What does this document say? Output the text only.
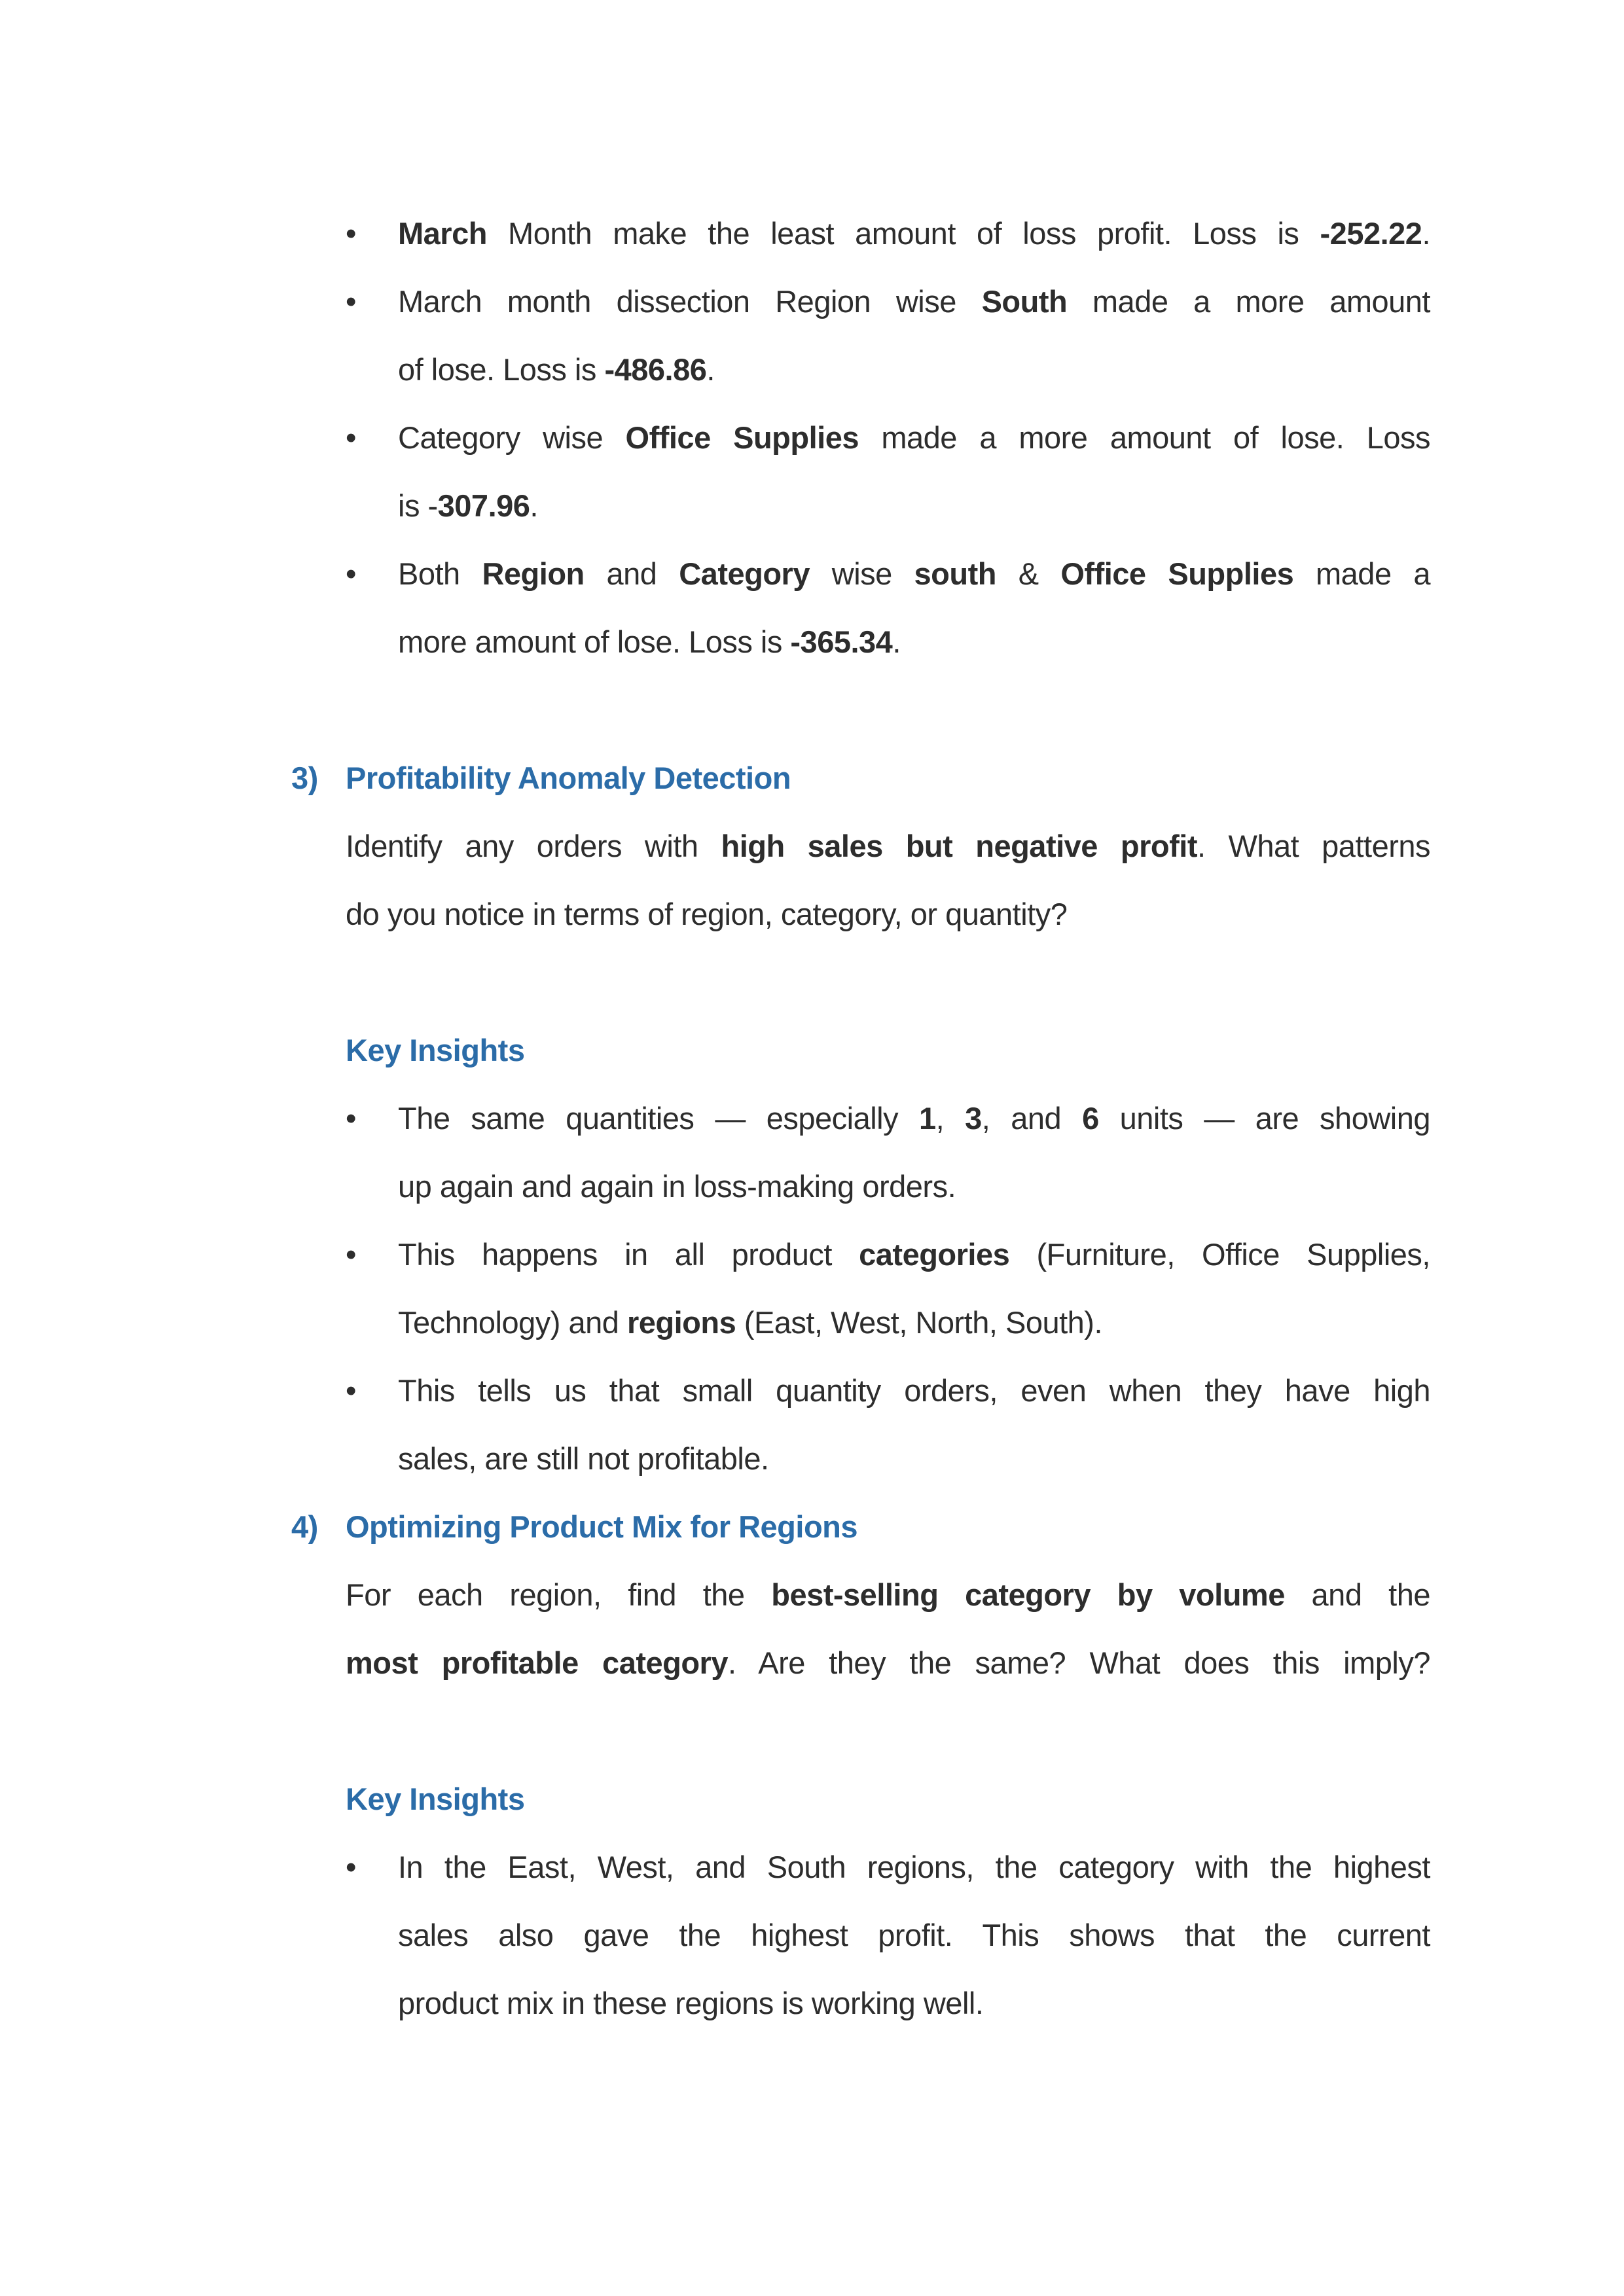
•	March Month make the least amount of loss profit. Loss is -252.22.
•	March month dissection Region wise South made a more amount
of lose. Loss is -486.86.
•	Category wise Office Supplies made a more amount of lose. Loss
is -307.96.
•	Both Region and Category wise south & Office Supplies made a
more amount of lose. Loss is -365.34.
3) Profitability Anomaly Detection
Identify any orders with high sales but negative profit. What patterns
do you notice in terms of region, category, or quantity?
Key Insights
•	The same quantities — especially 1, 3, and 6 units — are showing
up again and again in loss-making orders.
•	This happens in all product categories (Furniture, Office Supplies,
Technology) and regions (East, West, North, South).
•	This tells us that small quantity orders, even when they have high
sales, are still not profitable.
4) Optimizing Product Mix for Regions
For each region, find the best-selling category by volume and the
most profitable category. Are they the same? What does this imply?
Key Insights
•	In the East, West, and South regions, the category with the highest
sales also gave the highest profit. This shows that the current
product mix in these regions is working well.
